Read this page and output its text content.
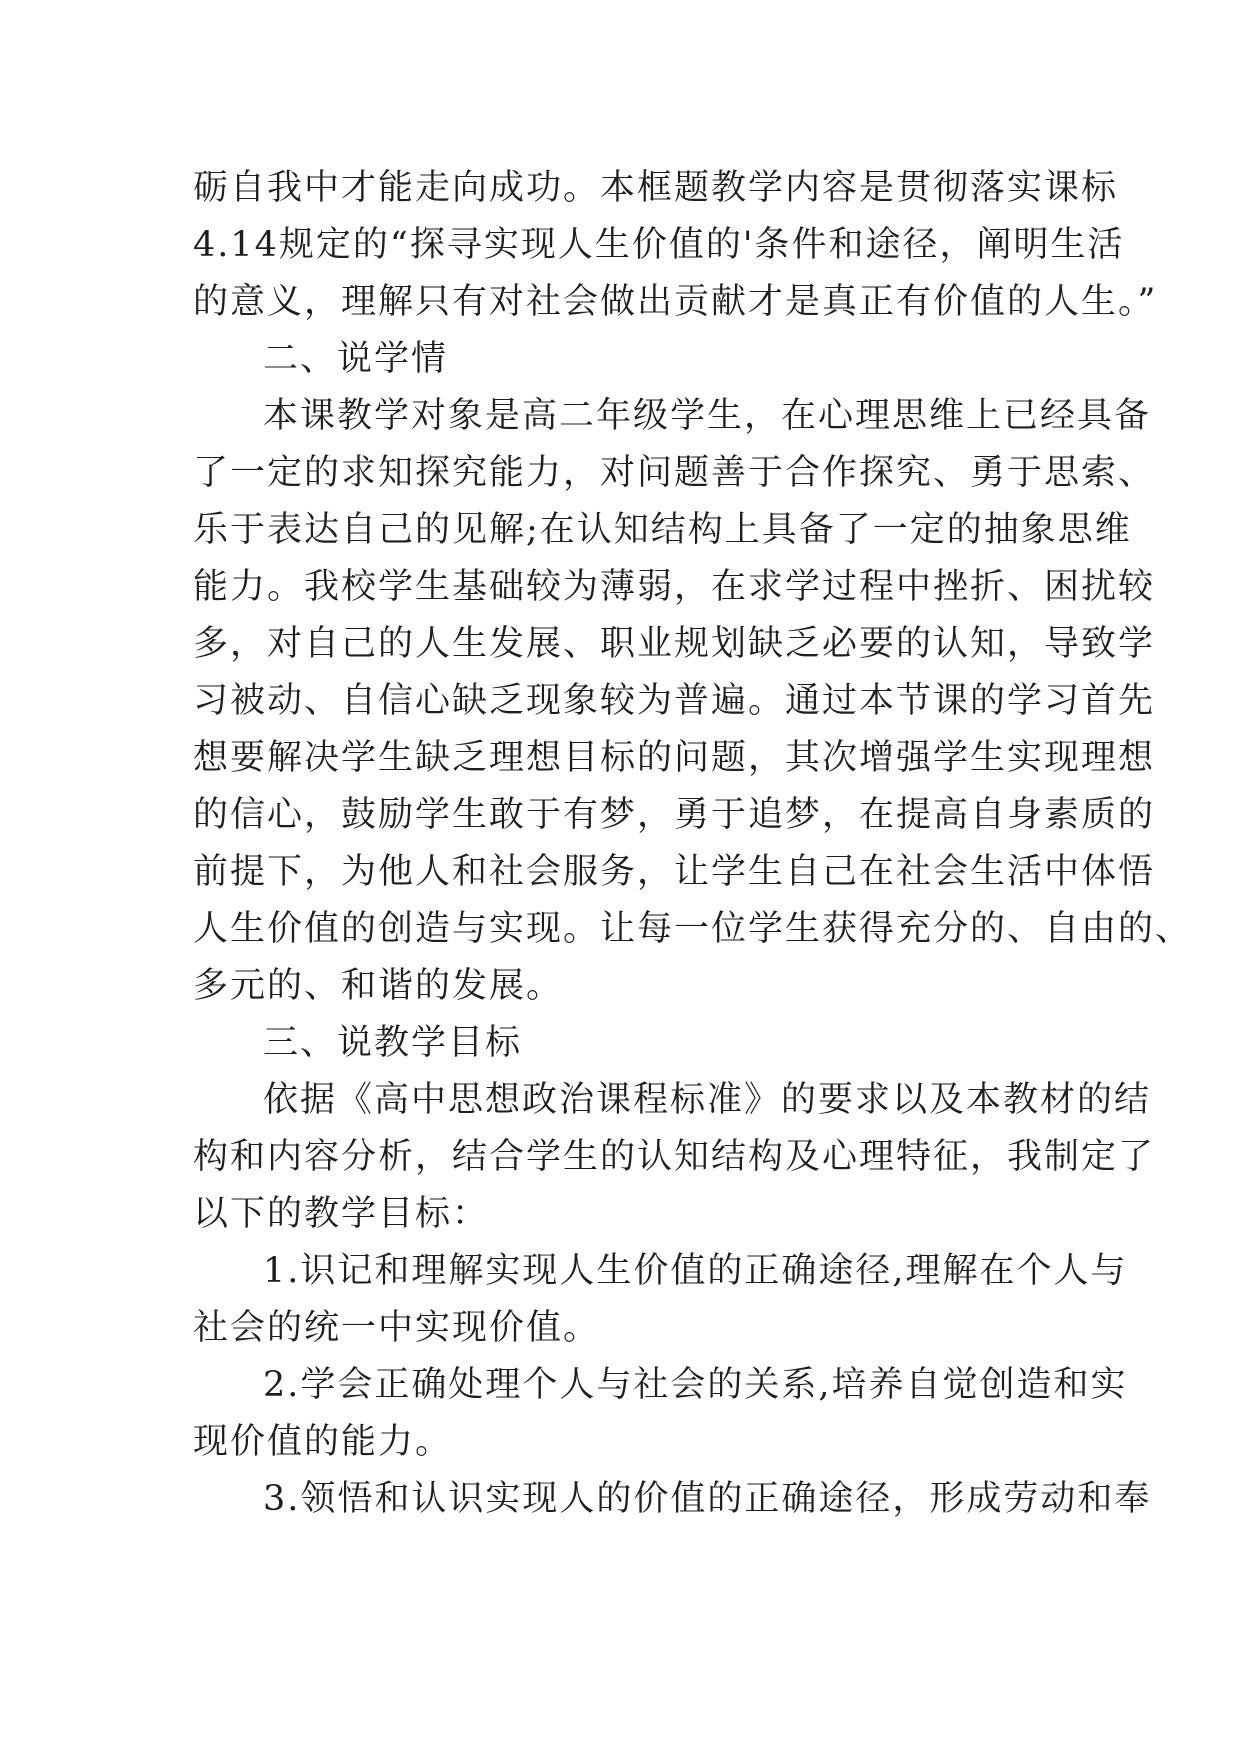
砺自我中才能走向成功。本框题教学内容是贯彻落实课标
4.14规定的“探寻实现人生价值的'条件和途径，阐明生活
的意义，理解只有对社会做出贡献才是真正有价值的人生。”
二、说学情
本课教学对象是高二年级学生，在心理思维上已经具备
了一定的求知探究能力，对问题善于合作探究、勇于思索、
乐于表达自己的见解;在认知结构上具备了一定的抽象思维
能力。我校学生基础较为薄弱，在求学过程中挫折、困扰较
多，对自己的人生发展、职业规划缺乏必要的认知，导致学
习被动、自信心缺乏现象较为普遍。通过本节课的学习首先
想要解决学生缺乏理想目标的问题，其次增强学生实现理想
的信心，鼓励学生敢于有梦，勇于追梦，在提高自身素质的
前提下，为他人和社会服务，让学生自己在社会生活中体悟
人生价值的创造与实现。让每一位学生获得充分的、自由的、
多元的、和谐的发展。
三、说教学目标
依据《高中思想政治课程标准》的要求以及本教材的结
构和内容分析，结合学生的认知结构及心理特征，我制定了
以下的教学目标：
1.识记和理解实现人生价值的正确途径,理解在个人与
社会的统一中实现价值。
2.学会正确处理个人与社会的关系,培养自觉创造和实
现价值的能力。
3.领悟和认识实现人的价值的正确途径，形成劳动和奉
